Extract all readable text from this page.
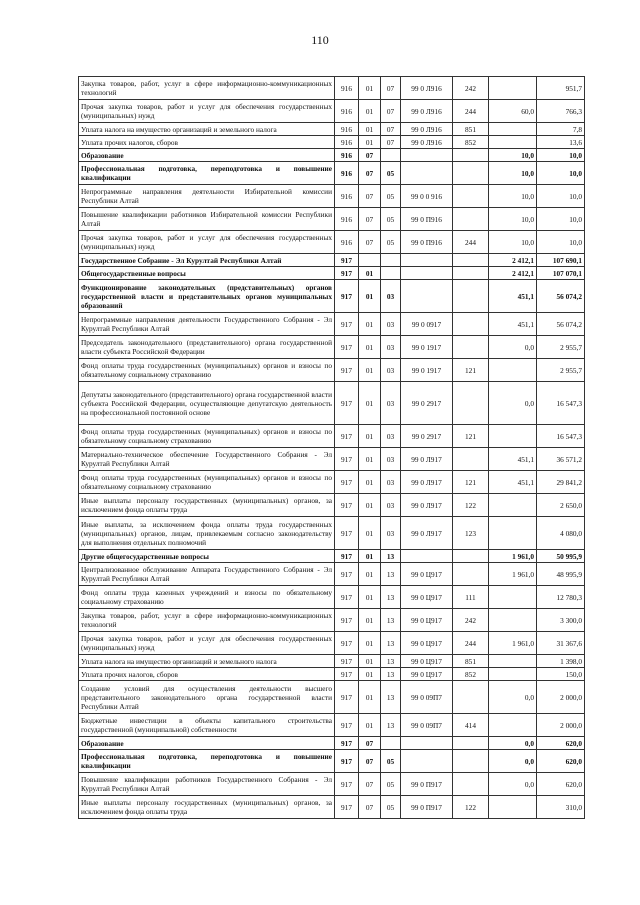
110
Закупка товаров, работ, услуг в сфере информационно-коммуникационных технологий	916	01	07	99 0 Л916	242		951,7
Прочая закупка товаров, работ и услуг для обеспечения государственных (муниципальных) нужд	916	01	07	99 0 Л916	244	60,0	766,3
Уплата налога на имущество организаций и земельного налога	916	01	07	99 0 Л916	851		7,8
Уплата прочих налогов, сборов	916	01	07	99 0 Л916	852		13,6
Образование	916	07				10,0	10,0
Профессиональная подготовка, переподготовка и повышение квалификации	916	07	05			10,0	10,0
Непрограммные направления деятельности Избирательной комиссии Республики Алтай	916	07	05	99 0 0 916		10,0	10,0
Повышение квалификации работников Избирательной комиссии Республики Алтай	916	07	05	99 0 П916		10,0	10,0
Прочая закупка товаров, работ и услуг для обеспечения государственных (муниципальных) нужд	916	07	05	99 0 П916	244	10,0	10,0
Государственное Собрание - Эл Курултай Республики Алтай	917					2 412,1	107 690,1
Общегосударственные вопросы	917	01				2 412,1	107 070,1
Функционирование законодательных (представительных) органов государственной власти и представительных органов муниципальных образований	917	01	03			451,1	56 074,2
Непрограммные направления деятельности Государственного Собрания - Эл Курултай Республики Алтай	917	01	03	99 0 0917		451,1	56 074,2
Председатель законодательного (представительного) органа государственной власти субъекта Российской Федерации	917	01	03	99 0 1917		0,0	2 955,7
Фонд оплаты труда государственных (муниципальных) органов и взносы по обязательному социальному страхованию	917	01	03	99 0 1917	121		2 955,7
Депутаты законодательного (представительного) органа государственной власти субъекта Российской Федерации, осуществляющие депутатскую деятельность на профессиональной постоянной основе	917	01	03	99 0 2917		0,0	16 547,3
Фонд оплаты труда государственных (муниципальных) органов и взносы по обязательному социальному страхованию	917	01	03	99 0 2917	121		16 547,3
Материально-техническое обеспечение Государственного Собрания - Эл Курултай Республики Алтай	917	01	03	99 0 Л917		451,1	36 571,2
Фонд оплаты труда государственных (муниципальных) органов и взносы по обязательному социальному страхованию	917	01	03	99 0 Л917	121	451,1	29 841,2
Иные выплаты персоналу государственных (муниципальных) органов, за исключением фонда оплаты труда	917	01	03	99 0 Л917	122		2 650,0
Иные выплаты, за исключением фонда оплаты труда государственных (муниципальных) органов, лицам, привлекаемым согласно законодательству для выполнения отдельных полномочий	917	01	03	99 0 Л917	123		4 080,0
Другие общегосударственные вопросы	917	01	13			1 961,0	50 995,9
Централизованное обслуживание Аппарата Государственного Собрания - Эл Курултай Республики Алтай	917	01	13	99 0 Ц917		1 961,0	48 995,9
Фонд оплаты труда казенных учреждений и взносы по обязательному социальному страхованию	917	01	13	99 0 Ц917	111		12 780,3
Закупка товаров, работ, услуг в сфере информационно-коммуникационных технологий	917	01	13	99 0 Ц917	242		3 300,0
Прочая закупка товаров, работ и услуг для обеспечения государственных (муниципальных) нужд	917	01	13	99 0 Ц917	244	1 961,0	31 367,6
Уплата налога на имущество организаций и земельного налога	917	01	13	99 0 Ц917	851		1 398,0
Уплата прочих налогов, сборов	917	01	13	99 0 Ц917	852		150,0
Создание условий для осуществления деятельности высшего представительного законодательного органа государственной власти Республики Алтай	917	01	13	99 0 09П7		0,0	2 000,0
Бюджетные инвестиции в объекты капитального строительства государственной (муниципальной) собственности	917	01	13	99 0 09П7	414		2 000,0
Образование	917	07				0,0	620,0
Профессиональная подготовка, переподготовка и повышение квалификации	917	07	05			0,0	620,0
Повышение квалификации работников Государственного Собрания - Эл Курултай Республики Алтай	917	07	05	99 0 П917		0,0	620,0
Иные выплаты персоналу государственных (муниципальных) органов, за исключением фонда оплаты труда	917	07	05	99 0 П917	122		310,0
